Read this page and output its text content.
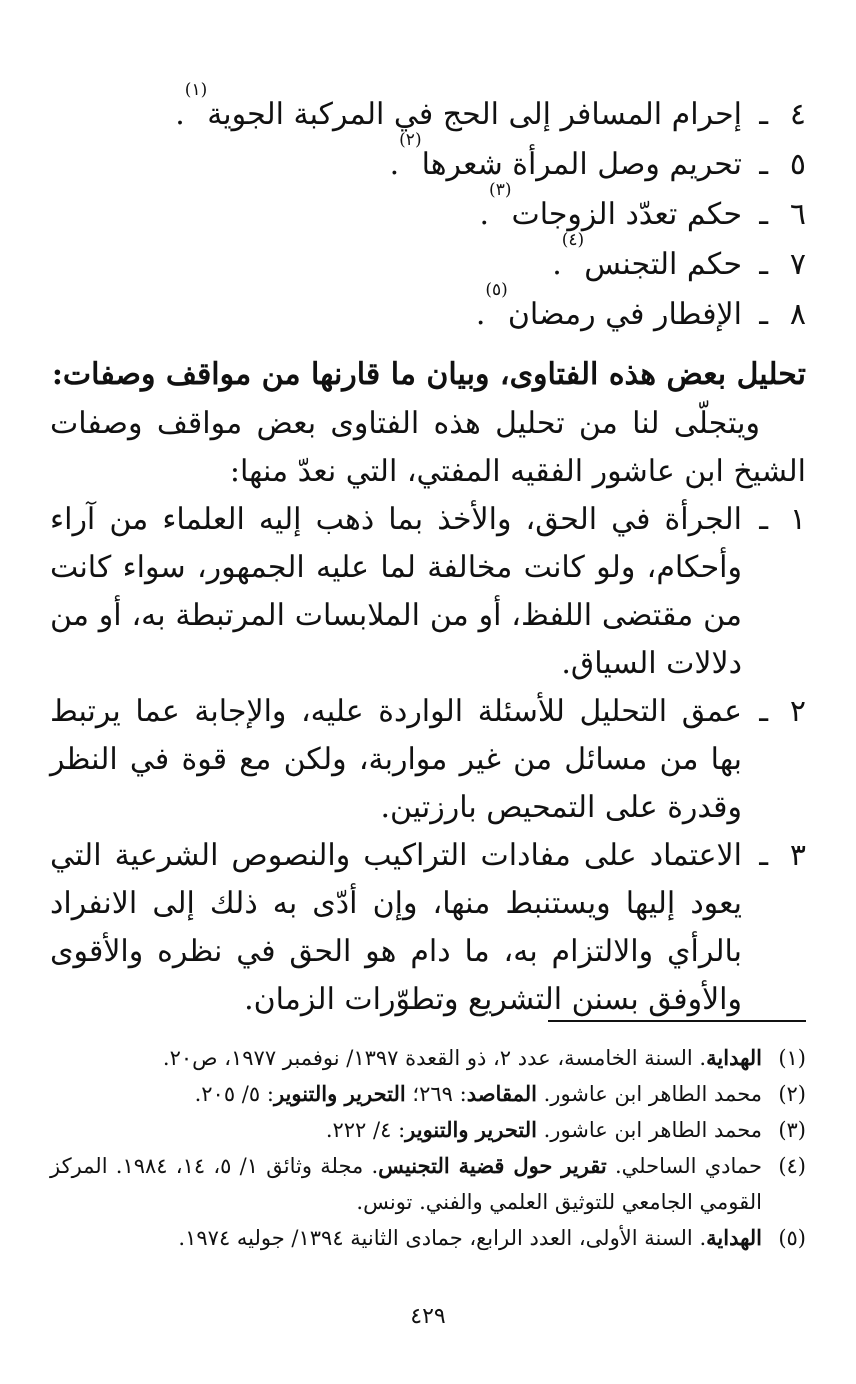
٤
ـ
إحرام المسافر إلى الحج في المركبة الجوية
(١)
.
٥
ـ
تحريم وصل المرأة شعرها
(٢)
.
٦
ـ
حكم تعدّد الزوجات
(٣)
.
٧
ـ
حكم التجنس
(٤)
.
٨
ـ
الإفطار في رمضان
(٥)
.
تحليل بعض هذه الفتاوى، وبيان ما قارنها من مواقف وصفات:

ويتجلّى لنا من تحليل هذه الفتاوى بعض مواقف وصفات الشيخ ابن عاشور الفقيه المفتي، التي نعدّ منها:

١
ـ
الجرأة في الحق، والأخذ بما ذهب إليه العلماء من آراء وأحكام، ولو كانت مخالفة لما عليه الجمهور، سواء كانت من مقتضى اللفظ، أو من الملابسات المرتبطة به، أو من دلالات السياق.
٢
ـ
عمق التحليل للأسئلة الواردة عليه، والإجابة عما يرتبط بها من مسائل من غير مواربة، ولكن مع قوة في النظر وقدرة على التمحيص بارزتين.
٣
ـ
الاعتماد على مفادات التراكيب والنصوص الشرعية التي يعود إليها ويستنبط منها، وإن أدّى به ذلك إلى الانفراد بالرأي والالتزام به، ما دام هو الحق في نظره والأقوى والأوفق بسنن التشريع وتطوّرات الزمان.
(١)
الهداية. السنة الخامسة، عدد ٢، ذو القعدة ١٣٩٧/ نوفمبر ١٩٧٧، ص٢٠.
(٢)
محمد الطاهر ابن عاشور. المقاصد: ٢٦٩؛ التحرير والتنوير: ٥/ ٢٠٥.
(٣)
محمد الطاهر ابن عاشور. التحرير والتنوير: ٤/ ٢٢٢.
(٤)
حمادي الساحلي. تقرير حول قضية التجنيس. مجلة وثائق ١/ ٥، ١٤، ١٩٨٤. المركز القومي الجامعي للتوثيق العلمي والفني. تونس.
(٥)
الهداية. السنة الأولى، العدد الرابع، جمادى الثانية ١٣٩٤/ جوليه ١٩٧٤.
٤٢٩
